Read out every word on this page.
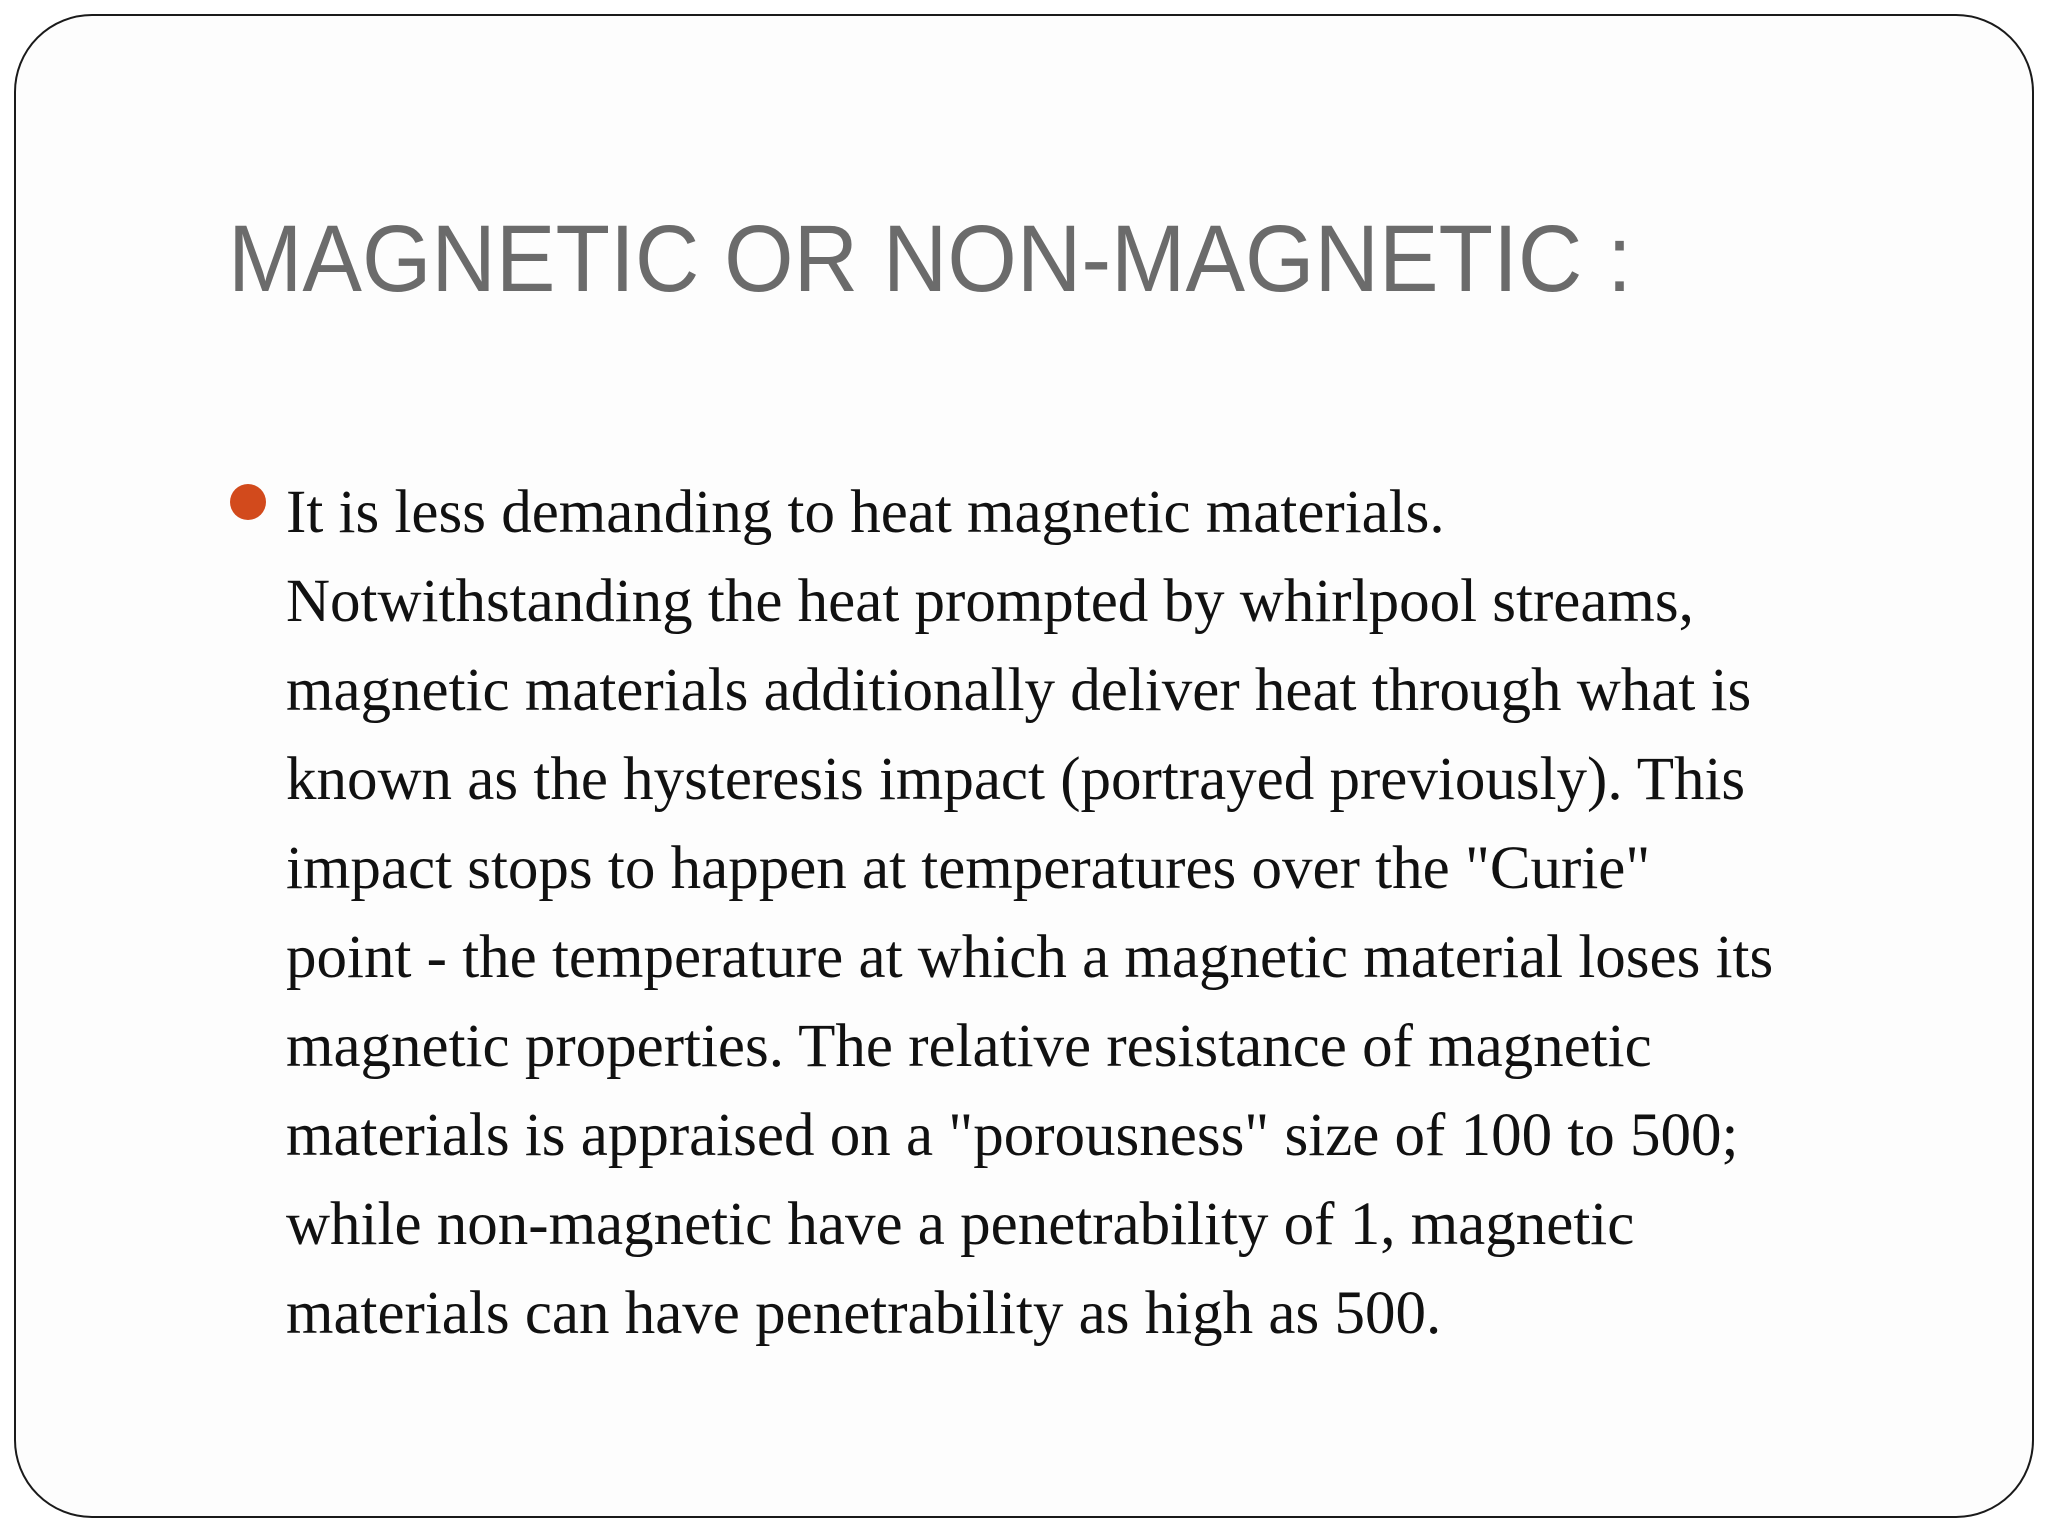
MAGNETIC OR NON-MAGNETIC :

It is less demanding to heat magnetic materials.
Notwithstanding the heat prompted by whirlpool streams,
magnetic materials additionally deliver heat through what is
known as the hysteresis impact (portrayed previously). This
impact stops to happen at temperatures over the "Curie"
point - the temperature at which a magnetic material loses its
magnetic properties. The relative resistance of magnetic
materials is appraised on a "porousness" size of 100 to 500;
while non-magnetic have a penetrability of 1, magnetic
materials can have penetrability as high as 500.
